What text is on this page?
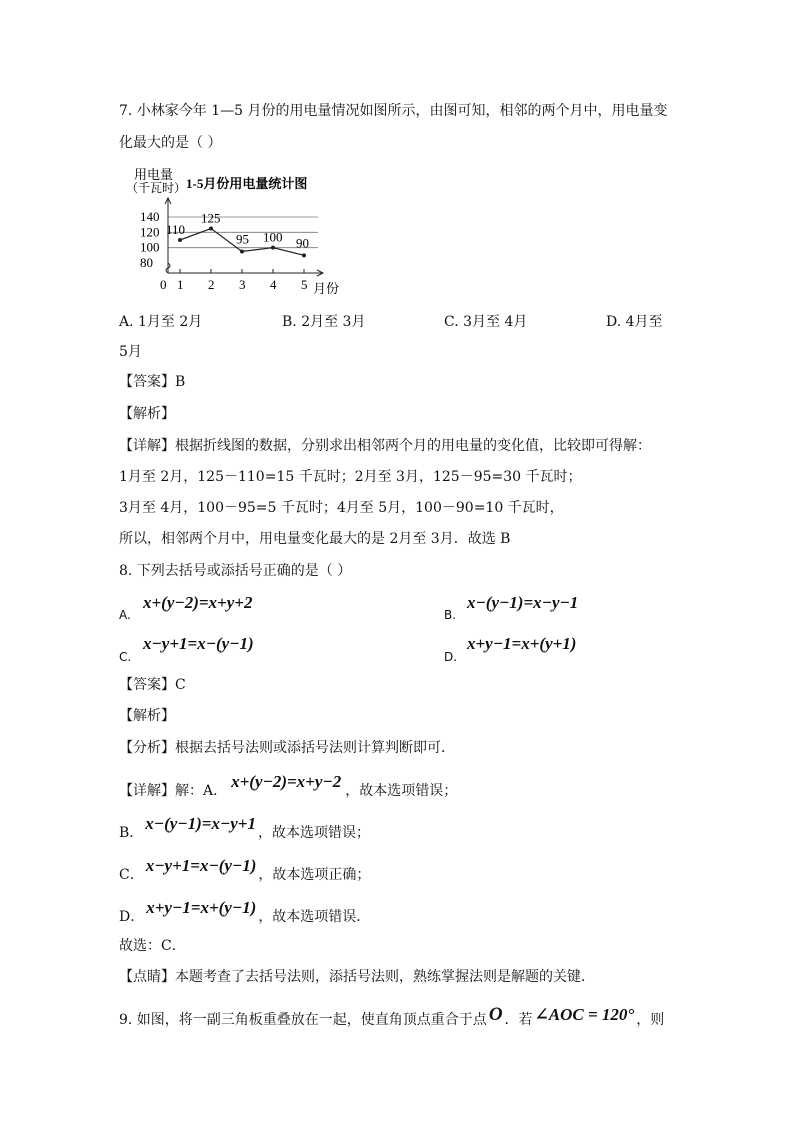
7. 小林家今年 1—5 月份的用电量情况如图所示，由图可知，相邻的两个月中，用电量变
化最大的是（ ）
80
100
120
140
1 2 3 4 5
110
125
95 100 90
用电量
（千瓦时） 1-5月份用电量统计图
月份
0
A. 1月至 2月	B. 2月至 3月	C. 3月至 4月	D. 4月至
5月
【答案】B
【解析】
【详解】根据折线图的数据，分别求出相邻两个月的用电量的变化值，比较即可得解：
1月至 2月，125－110=15 千瓦时；2月至 3月，125－95=30 千瓦时；
3月至 4月，100－95=5 千瓦时；4月至 5月，100－90=10 千瓦时，
所以，相邻两个月中，用电量变化最大的是 2月至 3月．故选 B
8. 下列去括号或添括号正确的是（ ）
A.
x+(y−2)=x+y+2
B.
x−(y−1)=x−y−1
C.
x−y+1=x−(y−1)
D.
x+y−1=x+(y+1)
【答案】C
【解析】
【分析】根据去括号法则或添括号法则计算判断即可．
【详解】解：A． x+(y−2)=x+y−2 ，故本选项错误；
B． x−(y−1)=x−y+1 ，故本选项错误；
C． x−y+1=x−(y−1) ，故本选项正确；
D． x+y−1=x+(y−1) ，故本选项错误．
故选：C．
【点睛】本题考查了去括号法则，添括号法则，熟练掌握法则是解题的关键．
9. 如图，将一副三角板重叠放在一起，使直角顶点重合于点 O ．若 ∠AOC = 120° ，则
